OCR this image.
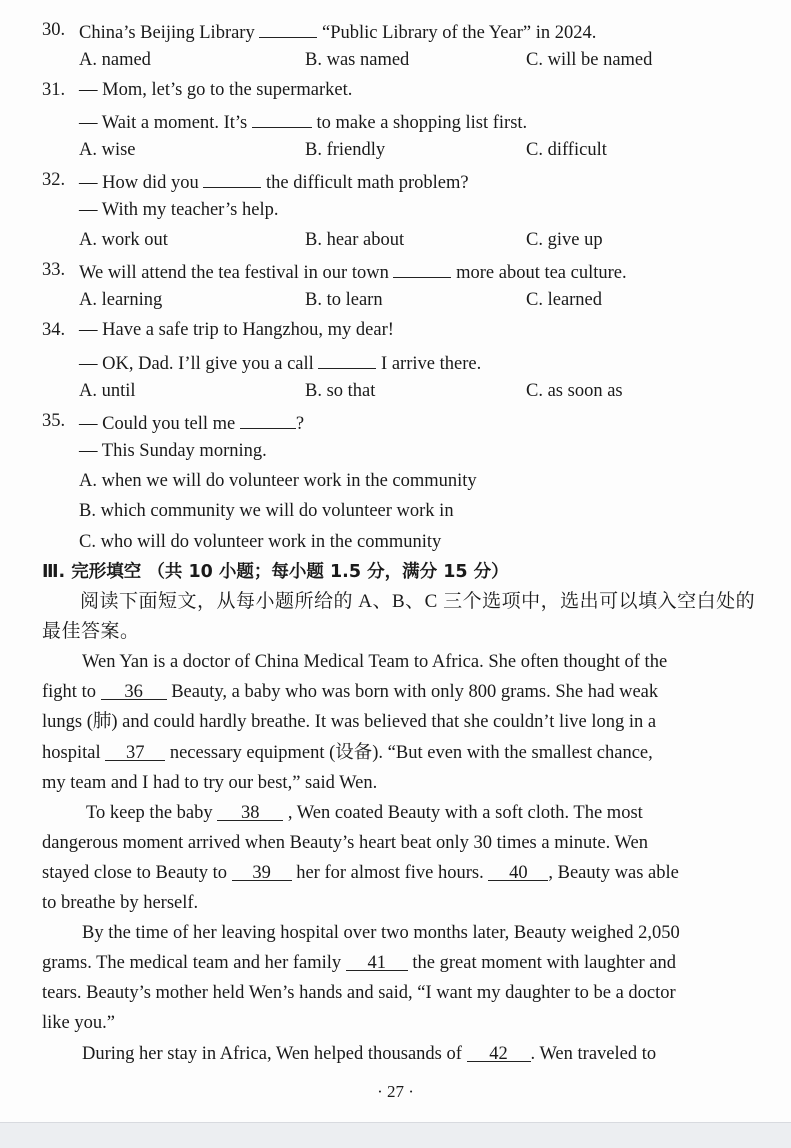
30. China’s Beijing Library	“Public Library of the Year” in 2024.
A. named	B. was named	C. will be named
31. — Mom, let’s go to the supermarket.
— Wait a moment. It’s	to make a shopping list first.
A. wise	B. friendly	C. difficult
32. — How did you	the difficult math problem?
— With my teacher’s help.
A. work out	B. hear about	C. give up
33. We will attend the tea festival in our town	more about tea culture.
A. learning	B. to learn	C. learned
34. — Have a safe trip to Hangzhou, my dear!
— OK, Dad. I’ll give you a call	I arrive there.
A. until	B. so that	C. as soon as
35. — Could you tell me	?
— This Sunday morning.
A. when we will do volunteer work in the community
B. which community we will do volunteer work in
C. who will do volunteer work in the community
Ⅲ. 完形填空 （共 10 小题；每小题 1.5 分，满分 15 分）
阅读下面短文，从每小题所给的 A、B、C 三个选项中，选出可以填入空白处的
最佳答案。
Wen Yan is a doctor of China Medical Team to Africa. She often thought of the
fight to 36 Beauty, a baby who was born with only 800 grams. She had weak
lungs (肺) and could hardly breathe. It was believed that she couldn’t live long in a
hospital 37 necessary equipment (设备). “But even with the smallest chance,
my team and I had to try our best,” said Wen.
To keep the baby 38 , Wen coated Beauty with a soft cloth. The most
dangerous moment arrived when Beauty’s heart beat only 30 times a minute. Wen
stayed close to Beauty to 39 her for almost five hours. 40 , Beauty was able
to breathe by herself.
By the time of her leaving hospital over two months later, Beauty weighed 2,050
grams. The medical team and her family 41 the great moment with laughter and
tears. Beauty’s mother held Wen’s hands and said, “I want my daughter to be a doctor
like you.”
During her stay in Africa, Wen helped thousands of 42 . Wen traveled to
· 27 ·
